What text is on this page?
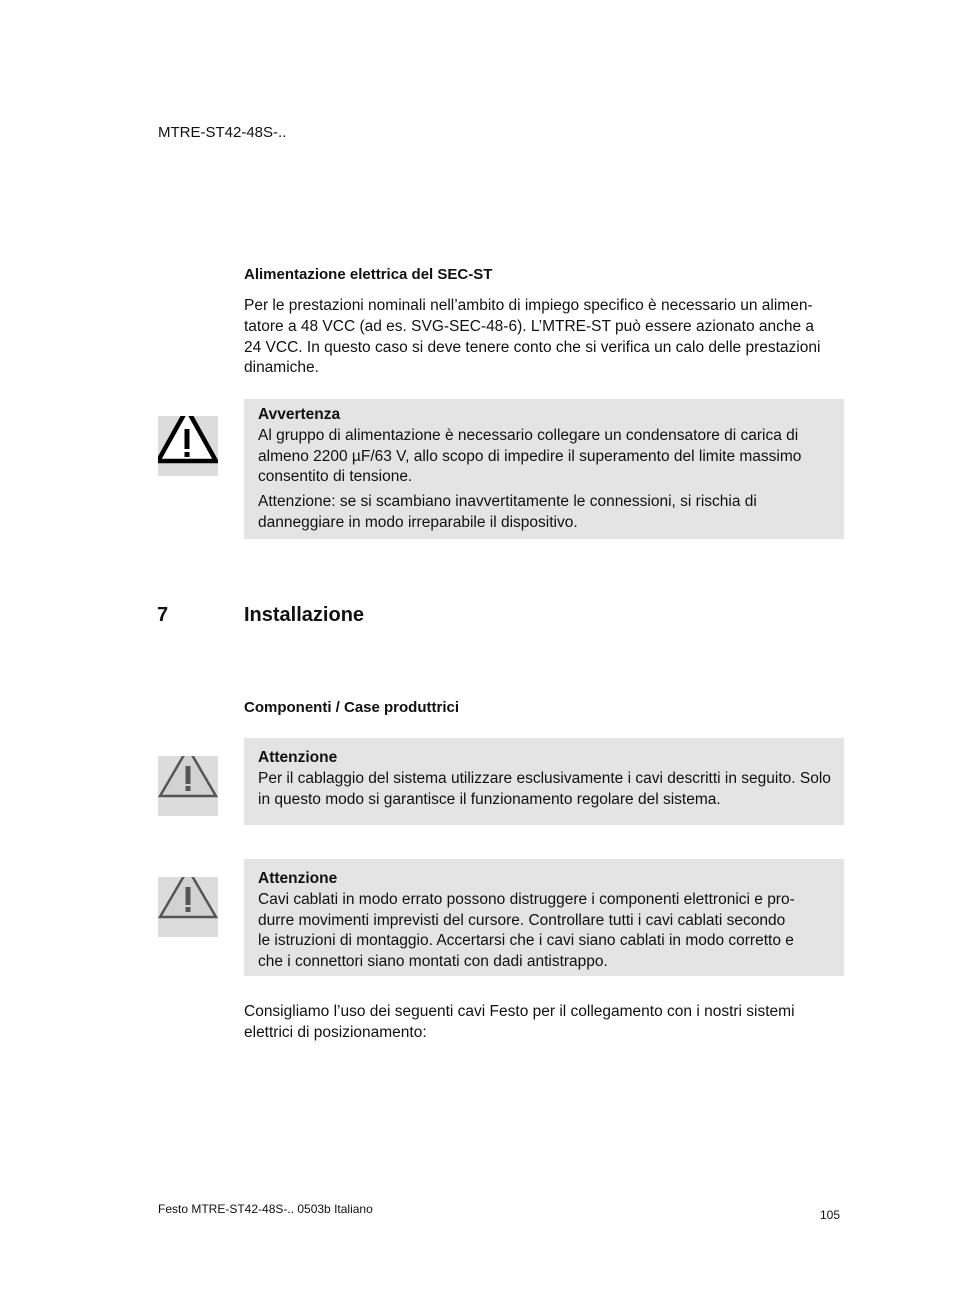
MTRE-ST42-48S-..
Alimentazione elettrica del SEC-ST

Per le prestazioni nominali nell’ambito di impiego specifico è necessario un alimen-

tatore a 48 VCC (ad es. SVG-SEC-48-6). L’MTRE-ST può essere azionato anche a

24 VCC. In questo caso si deve tenere conto che si verifica un calo delle prestazioni

dinamiche.

Avvertenza

Al gruppo di alimentazione è necessario collegare un condensatore di carica di almeno 2200 µF/63 V, allo scopo di impedire il superamento del limite massimo consentito di tensione.

Attenzione: se si scambiano inavvertitamente le connessioni, si rischia di danneggiare in modo irreparabile il dispositivo.

7	Installazione
Componenti / Case produttrici
Attenzione

Per il cablaggio del sistema utilizzare esclusivamente i cavi descritti in seguito. Solo in questo modo si garantisce il funzionamento regolare del sistema.

Attenzione

Cavi cablati in modo errato possono distruggere i componenti elettronici e pro-

durre movimenti imprevisti del cursore. Controllare tutti i cavi cablati secondo

le istruzioni di montaggio. Accertarsi che i cavi siano cablati in modo corretto e

che i connettori siano montati con dadi antistrappo.

Consigliamo l’uso dei seguenti cavi Festo per il collegamento con i nostri sistemi

elettrici di posizionamento:

Festo MTRE-ST42-48S-.. 0503b Italiano	105
